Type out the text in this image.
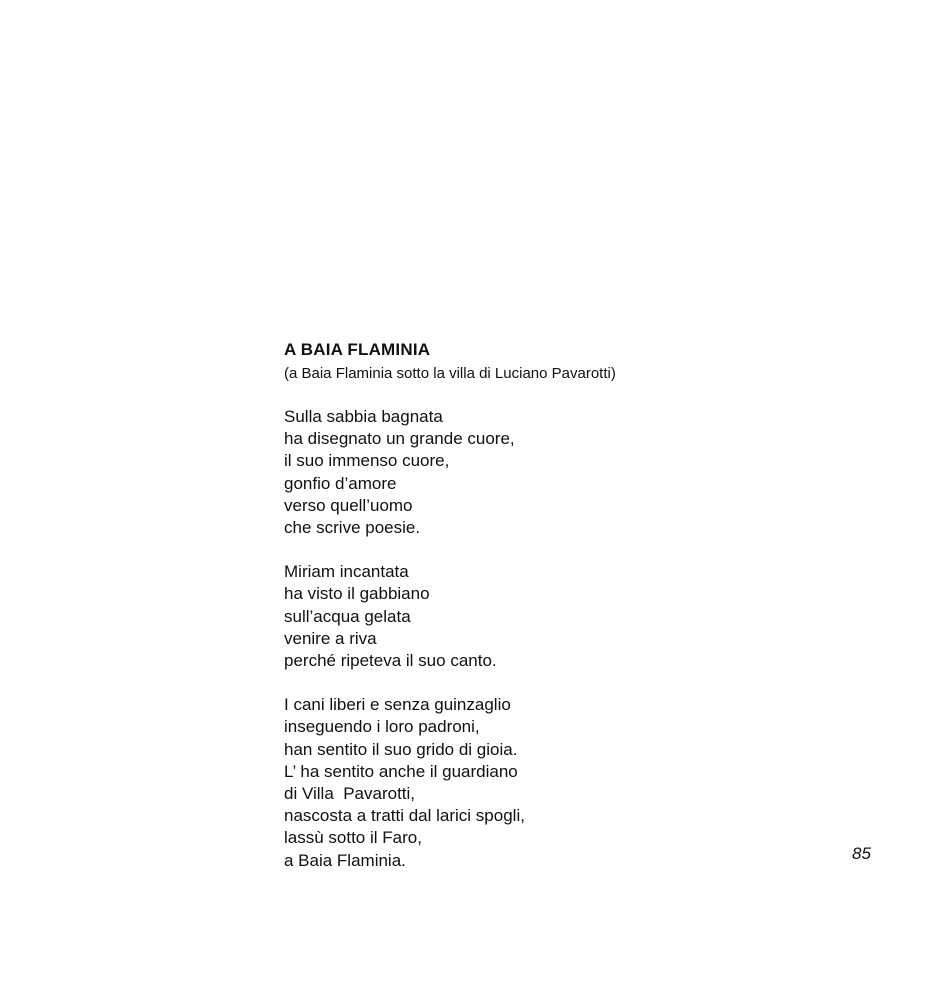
A BAIA FLAMINIA

(a Baia Flaminia sotto la villa di Luciano Pavarotti)

Sulla sabbia bagnata
ha disegnato un grande cuore,
il suo immenso cuore,
gonfio d’amore
verso quell’uomo
che scrive poesie.
Miriam incantata
ha visto il gabbiano
sull’acqua gelata
venire a riva
perché ripeteva il suo canto.
I cani liberi e senza guinzaglio
inseguendo i loro padroni,
han sentito il suo grido di gioia.
L’ ha sentito anche il guardiano
di Villa  Pavarotti,
nascosta a tratti dal larici spogli,
lassù sotto il Faro,
a Baia Flaminia.	85
